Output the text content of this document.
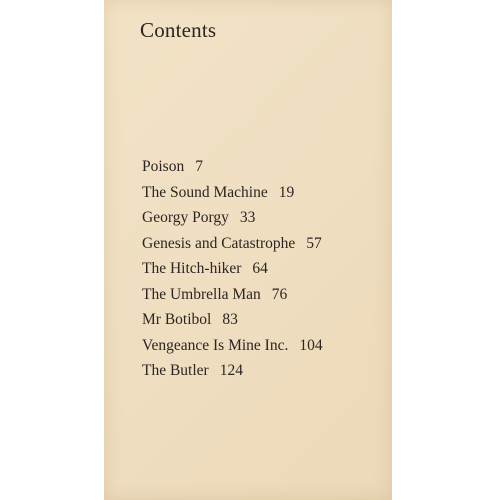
Contents
Poison 7
The Sound Machine 19
Georgy Porgy 33
Genesis and Catastrophe 57
The Hitch-hiker 64
The Umbrella Man 76
Mr Botibol 83
Vengeance Is Mine Inc. 104
The Butler 124
